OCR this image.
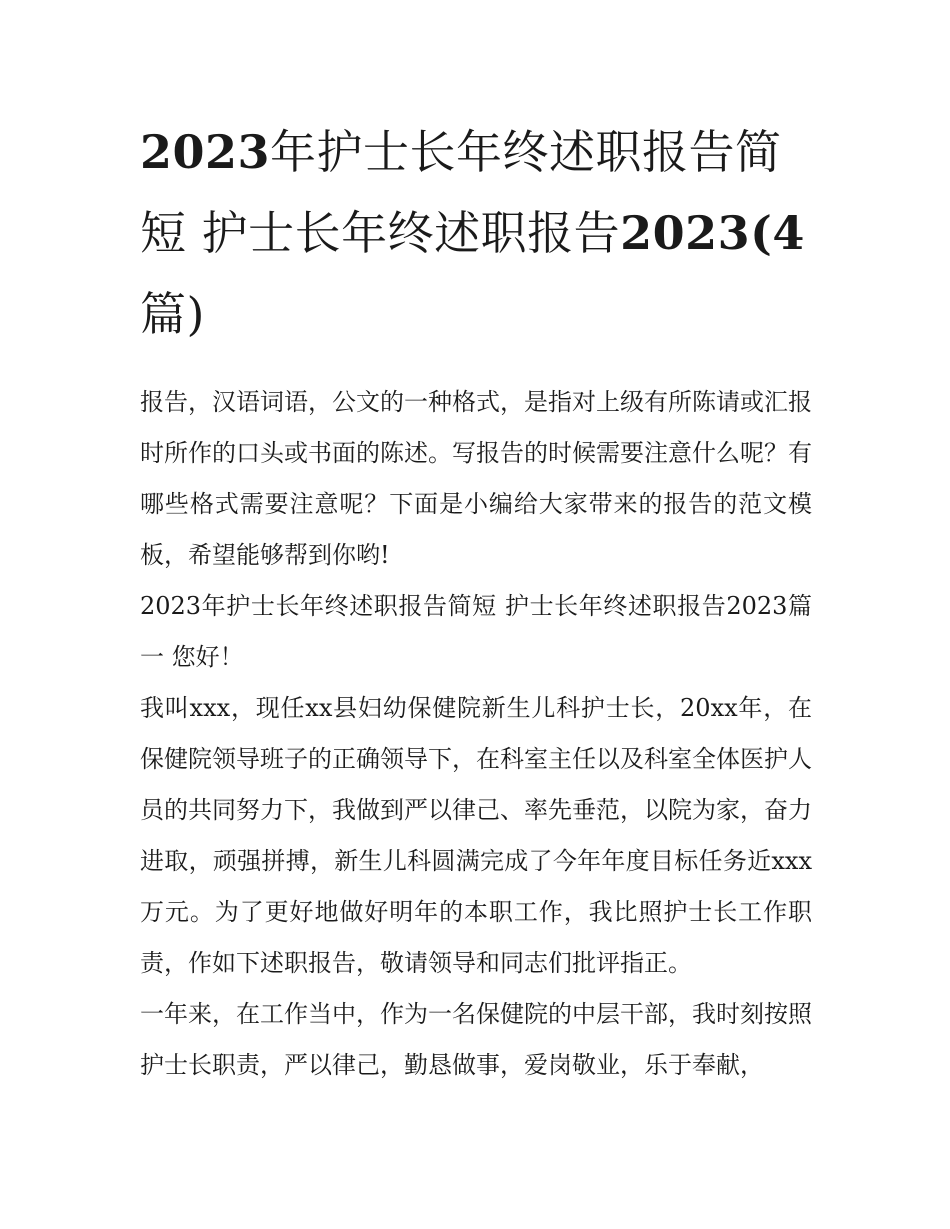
2023年护士长年终述职报告简短 护士长年终述职报告2023(4篇)

报告，汉语词语，公文的一种格式，是指对上级有所陈请或汇报时所作的口头或书面的陈述。写报告的时候需要注意什么呢？有哪些格式需要注意呢？下面是小编给大家带来的报告的范文模板，希望能够帮到你哟!

2023年护士长年终述职报告简短 护士长年终述职报告2023篇一 您好！

我叫xxx，现任xx县妇幼保健院新生儿科护士长，20xx年，在保健院领导班子的正确领导下，在科室主任以及科室全体医护人员的共同努力下，我做到严以律己、率先垂范，以院为家，奋力进取，顽强拼搏，新生儿科圆满完成了今年年度目标任务近xxx万元。为了更好地做好明年的本职工作，我比照护士长工作职责，作如下述职报告，敬请领导和同志们批评指正。

一年来，在工作当中，作为一名保健院的中层干部，我时刻按照护士长职责，严以律己，勤恳做事，爱岗敬业，乐于奉献，
